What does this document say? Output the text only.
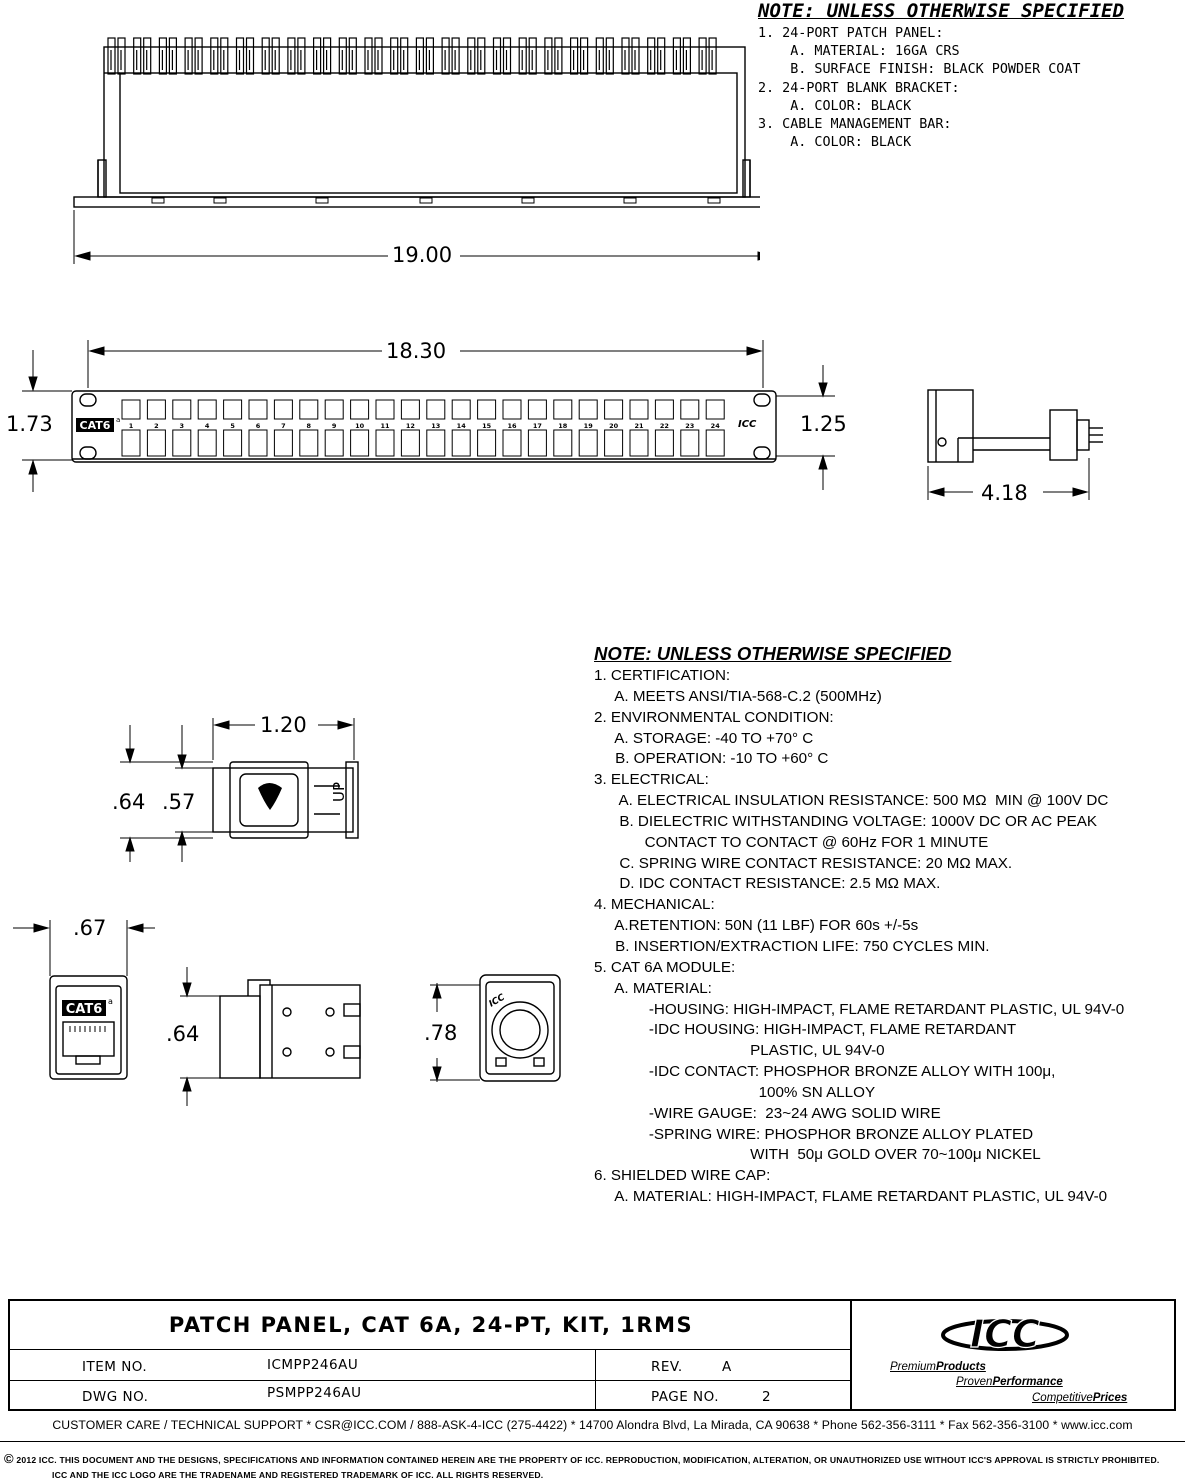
19.00
NOTE: UNLESS OTHERWISE SPECIFIED
1. 24-PORT PATCH PANEL:
A. MATERIAL: 16GA CRS
B. SURFACE FINISH: BLACK POWDER COAT
2. 24-PORT BLANK BRACKET:
A. COLOR: BLACK
3. CABLE MANAGEMENT BAR:
A. COLOR: BLACK
1	2	3	4	5	6	7	8	9	10	11	12	13	14	15	16	17	18	19	20	21	22	23	24
CAT6 a	ICC
18.30
1.73	1.25
4.18
UP
1.20
.64 .57
CAT6
a
.67
.64
ICC
.78
NOTE: UNLESS OTHERWISE SPECIFIED
1. CERTIFICATION:
A. MEETS ANSI/TIA-568-C.2 (500MHz)
2. ENVIRONMENTAL CONDITION:
A. STORAGE: -40 TO +70° C
B. OPERATION: -10 TO +60° C
3. ELECTRICAL:
A. ELECTRICAL INSULATION RESISTANCE: 500 MΩ  MIN @ 100V DC
B. DIELECTRIC WITHSTANDING VOLTAGE: 1000V DC OR AC PEAK
CONTACT TO CONTACT @ 60Hz FOR 1 MINUTE
C. SPRING WIRE CONTACT RESISTANCE: 20 MΩ MAX.
D. IDC CONTACT RESISTANCE: 2.5 MΩ MAX.
4. MECHANICAL:
A.RETENTION: 50N (11 LBF) FOR 60s +/-5s
B. INSERTION/EXTRACTION LIFE: 750 CYCLES MIN.
5. CAT 6A MODULE:
A. MATERIAL:
-HOUSING: HIGH-IMPACT, FLAME RETARDANT PLASTIC, UL 94V-0
-IDC HOUSING: HIGH-IMPACT, FLAME RETARDANT
PLASTIC, UL 94V-0
-IDC CONTACT: PHOSPHOR BRONZE ALLOY WITH 100μ,
100% SN ALLOY
-WIRE GAUGE:  23~24 AWG SOLID WIRE
-SPRING WIRE: PHOSPHOR BRONZE ALLOY PLATED
WITH  50μ GOLD OVER 70~100μ NICKEL
6. SHIELDED WIRE CAP:
A. MATERIAL: HIGH-IMPACT, FLAME RETARDANT PLASTIC, UL 94V-0
PATCH PANEL, CAT 6A, 24-PT, KIT, 1RMS
ITEM NO.	ICMPP246AU
DWG NO.	PSMPP246AU
REV.	A
PAGE NO.	2
ICC
PremiumProducts
ProvenPerformance
CompetitivePrices
CUSTOMER CARE / TECHNICAL SUPPORT * CSR@ICC.COM / 888-ASK-4-ICC (275-4422) * 14700 Alondra Blvd, La Mirada, CA 90638 * Phone 562-356-3111 * Fax 562-356-3100 * www.icc.com
© 2012 ICC. THIS DOCUMENT AND THE DESIGNS, SPECIFICATIONS AND INFORMATION CONTAINED HEREIN ARE THE PROPERTY OF ICC. REPRODUCTION, MODIFICATION, ALTERATION, OR UNAUTHORIZED USE WITHOUT ICC'S APPROVAL IS STRICTLY PROHIBITED.
ICC AND THE ICC LOGO ARE THE TRADENAME AND REGISTERED TRADEMARK OF ICC. ALL RIGHTS RESERVED.
